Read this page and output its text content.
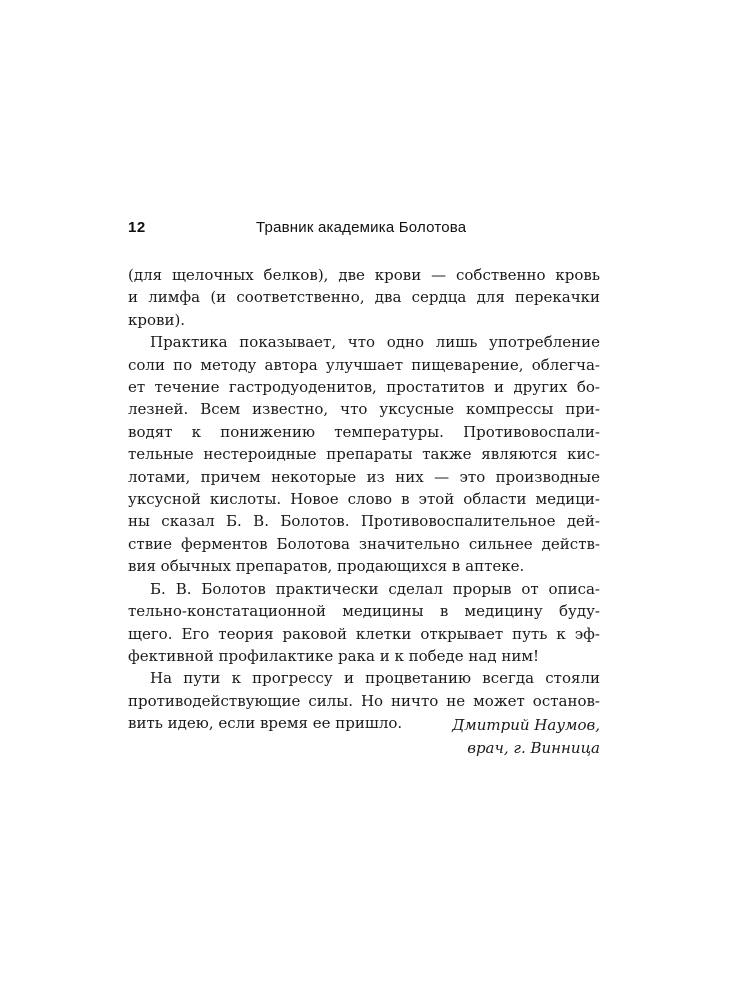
12	Травник академика Болотова

(для щелочных белков), две крови — собственно кровь
и лимфа (и соответственно, два сердца для перекачки
крови).

Практика показывает, что одно лишь употребление
соли по методу автора улучшает пищеварение, облегча-
ет течение гастродуоденитов, простатитов и других бо-
лезней. Всем известно, что уксусные компрессы при-
водят к понижению температуры. Противовоспали-
тельные нестероидные препараты также являются кис-
лотами, причем некоторые из них — это производные
уксусной кислоты. Новое слово в этой области медици-
ны сказал Б. В. Болотов. Противовоспалительное дей-
ствие ферментов Болотова значительно сильнее действ-
вия обычных препаратов, продающихся в аптеке.

Б. В. Болотов практически сделал прорыв от описа-
тельно-констатационной медицины в медицину буду-
щего. Его теория раковой клетки открывает путь к эф-
фективной профилактике рака и к победе над ним!

На пути к прогрессу и процветанию всегда стояли
противодействующие силы. Но ничто не может останов-
вить идею, если время ее пришло.	Дмитрий Наумов,
врач, г. Винница
